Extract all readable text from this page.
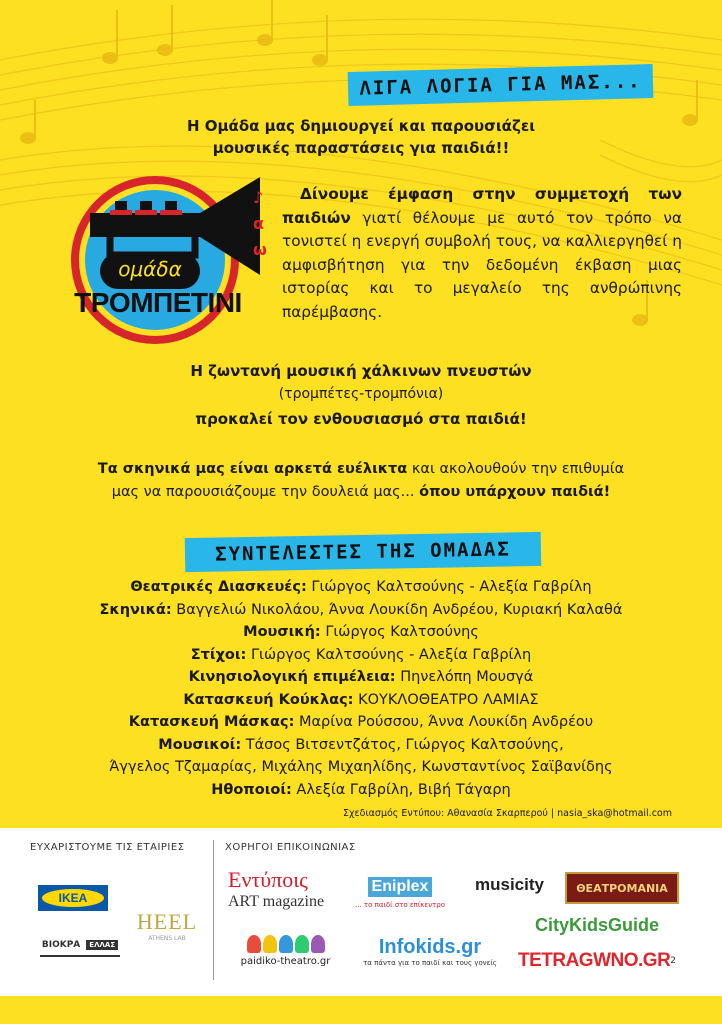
ΛΙΓΑ ΛΟΓΙΑ ΓΙΑ ΜΑΣ...
Η Ομάδα μας δημιουργεί και παρουσιάζει
μουσικές παραστάσεις για παιδιά!!
ομάδα
ΤΡΟΜΠΕΤΙΝΙ
♪ α ω

Δίνουμε έμφαση στην συμμετοχή των παιδιών γιατί θέλουμε με αυτό τον τρόπο να τονιστεί η ενεργή συμβολή τους, να καλλιεργηθεί η αμφισβήτηση για την δεδομένη έκβαση μιας ιστορίας και το μεγαλείο της ανθρώπινης παρέμβασης.

Η ζωντανή μουσική χάλκινων πνευστών
(τρομπέτες-τρομπόνια)
προκαλεί τον ενθουσιασμό στα παιδιά!
Τα σκηνικά μας είναι αρκετά ευέλικτα και ακολουθούν την επιθυμία
μας να παρουσιάζουμε την δουλειά μας... όπου υπάρχουν παιδιά!
ΣΥΝΤΕΛΕΣΤΕΣ ΤΗΣ ΟΜΑΔΑΣ
Θεατρικές Διασκευές: Γιώργος Καλτσούνης - Αλεξία Γαβρίλη
Σκηνικά: Βαγγελιώ Νικολάου, Άννα Λουκίδη Ανδρέου, Κυριακή Καλαθά
Μουσική: Γιώργος Καλτσούνης
Στίχοι: Γιώργος Καλτσούνης - Αλεξία Γαβρίλη
Κινησιολογική επιμέλεια: Πηνελόπη Μουσγά
Κατασκευή Κούκλας: ΚΟΥΚΛΟΘΕΑΤΡΟ ΛΑΜΙΑΣ
Κατασκευή Μάσκας: Μαρίνα Ρούσσου, Άννα Λουκίδη Ανδρέου
Μουσικοί: Τάσος Βιτσεντζάτος, Γιώργος Καλτσούνης,
Άγγελος Τζαμαρίας, Μιχάλης Μιχαηλίδης, Κωνσταντίνος Σαϊβανίδης
Ηθοποιοί: Αλεξία Γαβρίλη, Βιβή Τάγαρη
Σχεδιασμός Εντύπου: Αθανασία Σκαρπερού | nasia_ska@hotmail.com
ΕΥΧΑΡΙΣΤΟΥΜΕ ΤΙΣ ΕΤΑΙΡΙΕΣ	ΧΟΡΗΓΟΙ ΕΠΙΚΟΙΝΩΝΙΑΣ
IKEA
ΒΙΟΚΡΑ	ΕΛΛΑΣ
HEEL
ATHENS LAB
Εντύποις
ART magazine
Eniplex
... το παιδί στο επίκεντρο
musicity	ΘΕΑΤΡΟΜΑΝΙΑ
paidiko-theatro.gr
Infokids.gr
τα πάντα για το παιδί και τους γονείς
CityKidsGuide
TETRAGWNO.GR 2
